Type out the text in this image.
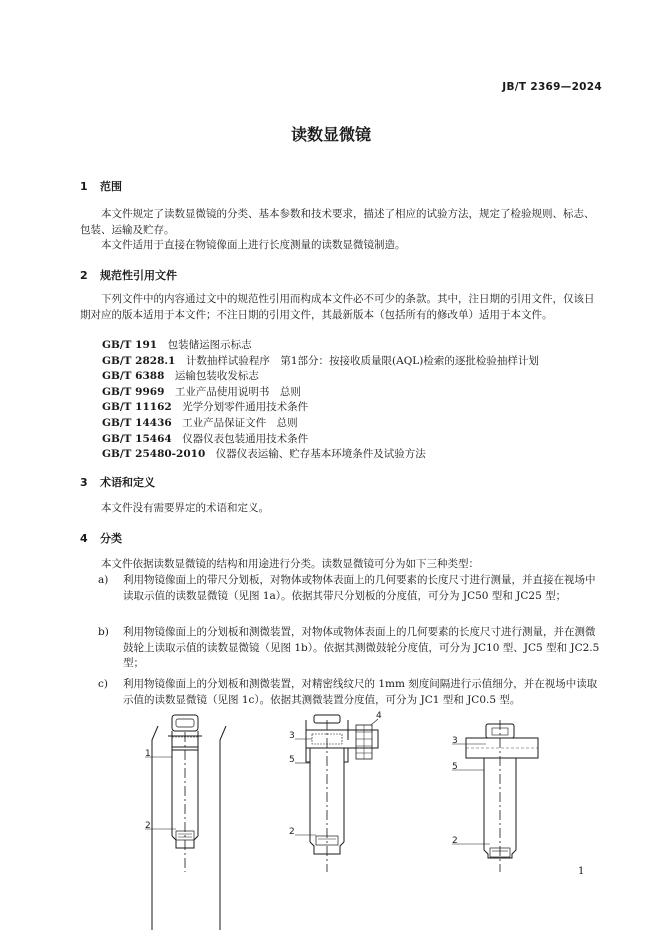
JB/T 2369—2024
读数显微镜
1 范围
本文件规定了读数显微镜的分类、基本参数和技术要求，描述了相应的试验方法，规定了检验规则、标志、包装、运输及贮存。
本文件适用于直接在物镜像面上进行长度测量的读数显微镜制造。
2 规范性引用文件
下列文件中的内容通过文中的规范性引用而构成本文件必不可少的条款。其中，注日期的引用文件，仅该日期对应的版本适用于本文件；不注日期的引用文件，其最新版本（包括所有的修改单）适用于本文件。
GB/T 191　 包装储运图示标志
GB/T 2828.1　 计数抽样试验程序　第1部分：按接收质量限(AQL)检索的逐批检验抽样计划
GB/T 6388　 运输包装收发标志
GB/T 9969　 工业产品使用说明书　总则
GB/T 11162　 光学分划零件通用技术条件
GB/T 14436　 工业产品保证文件　总则
GB/T 15464　 仪器仪表包装通用技术条件
GB/T 25480-2010　 仪器仪表运输、贮存基本环境条件及试验方法
3 术语和定义
本文件没有需要界定的术语和定义。
4 分类
本文件依据读数显微镜的结构和用途进行分类。读数显微镜可分为如下三种类型：
a) 利用物镜像面上的带尺分划板，对物体或物体表面上的几何要素的长度尺寸进行测量，并直接在视场中读取示值的读数显微镜（见图 1a）。依据其带尺分划板的分度值，可分为 JC50 型和 JC25 型；
b) 利用物镜像面上的分划板和测微装置，对物体或物体表面上的几何要素的长度尺寸进行测量，并在测微鼓轮上读取示值的读数显微镜（见图 1b）。依据其测微鼓轮分度值，可分为 JC10 型、JC5 型和 JC2.5 型；
c) 利用物镜像面上的分划板和测微装置，对精密线纹尺的 1mm 刻度间隔进行示值细分，并在视场中读取示值的读数显微镜（见图 1c）。依据其测微装置分度值，可分为 JC1 型和 JC0.5 型。
1
2
3
4
5
2
3
5
2
1
